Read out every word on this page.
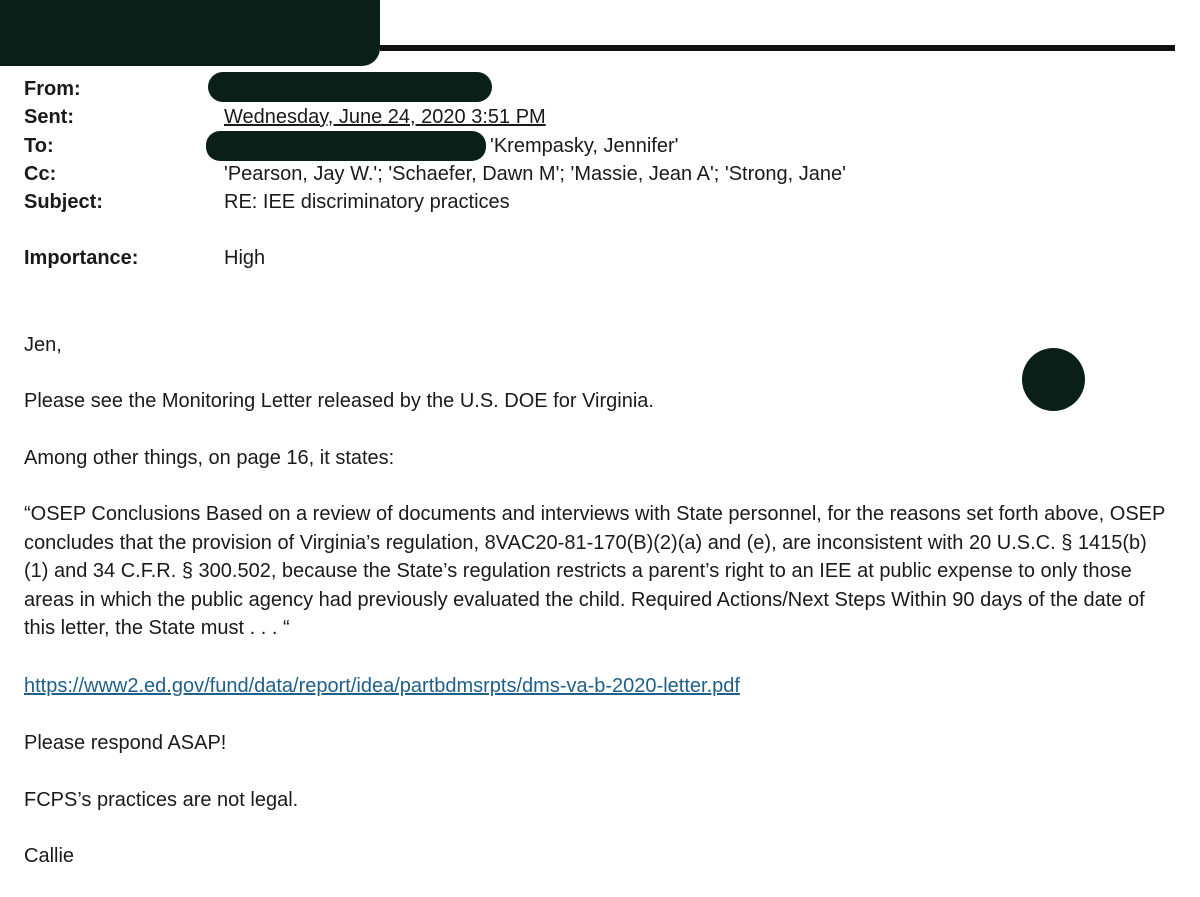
From:
Sent:	Wednesday, June 24, 2020 3:51 PM
To:	'Krempasky, Jennifer'
Cc:	'Pearson, Jay W.'; 'Schaefer, Dawn M'; 'Massie, Jean A'; 'Strong, Jane'
Subject:	RE: IEE discriminatory practices
Importance:	High

Jen,

Please see the Monitoring Letter released by the U.S. DOE for Virginia.

Among other things, on page 16, it states:

“OSEP Conclusions Based on a review of documents and interviews with State personnel, for the reasons set forth above, OSEP concludes that the provision of Virginia’s regulation, 8VAC20-81-170(B)(2)(a) and (e), are inconsistent with 20 U.S.C. § 1415(b)(1) and 34 C.F.R. § 300.502, because the State’s regulation restricts a parent’s right to an IEE at public expense to only those areas in which the public agency had previously evaluated the child. Required Actions/Next Steps Within 90 days of the date of this letter, the State must . . . “

https://www2.ed.gov/fund/data/report/idea/partbdmsrpts/dms-va-b-2020-letter.pdf

Please respond ASAP!

FCPS’s practices are not legal.

Callie
